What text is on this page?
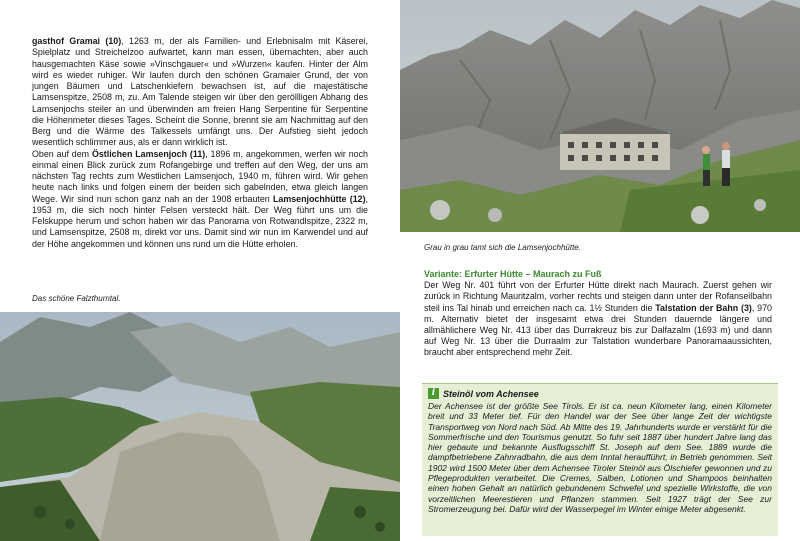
gasthof Gramai (10), 1263 m, der als Familien- und Erlebnisalm mit Käserei, Spielplatz und Streichelzoo aufwartet, kann man essen, übernachten, aber auch hausgemachten Käse sowie »Vinschgauer« und »Wurzen« kaufen. Hinter der Alm wird es wieder ruhiger. Wir laufen durch den schönen Gramaier Grund, der von jungen Bäumen und Latschenkiefern bewachsen ist, auf die majestätische Lamsenspitze, 2508 m, zu. Am Talende steigen wir über den geröllligen Abhang des Lamsenjochs steiler an und überwinden am freien Hang Serpentine für Serpentine die Höhenmeter dieses Tages. Scheint die Sonne, brennt sie am Nachmittag auf den Berg und die Wärme des Talkessels umfängt uns. Der Aufstieg sieht jedoch wesentlich schlimmer aus, als er dann wirklich ist.

Oben auf dem Östlichen Lamsenjoch (11), 1896 m, angekommen, werfen wir noch einmal einen Blick zurück zum Rofangebirge und treffen auf den Weg, der uns am nächsten Tag rechts zum Westlichen Lamsenjoch, 1940 m, führen wird. Wir gehen heute nach links und folgen einem der beiden sich gabelnden, etwa gleich langen Wege. Wir sind nun schon ganz nah an der 1908 erbauten Lamsenjochhütte (12), 1953 m, die sich noch hinter Felsen versteckt hält. Der Weg führt uns um die Felskuppe herum und schon haben wir das Panorama von Rotwandlspitze, 2322 m, und Lamsenspitze, 2508 m, direkt vor uns. Damit sind wir nun im Karwendel und auf der Höhe angekommen und können uns rund um die Hütte erholen.

Das schöne Falzthurntal.
Grau in grau tamt sich die Lamsenjochhütte.
Variante: Erfurter Hütte – Maurach zu Fuß

Der Weg Nr. 401 führt von der Erfurter Hütte direkt nach Maurach. Zuerst gehen wir zurück in Richtung Mauritzalm, vorher rechts und steigen dann unter der Rofanseilbahn steil ins Tal hinab und erreichen nach ca. 1½ Stunden die Talstation der Bahn (3), 970 m. Alternativ bietet der insgesamt etwa drei Stunden dauernde längere und allmählichere Weg Nr. 413 über das Durrakreuz bis zur Dalfazalm (1693 m) und dann auf Weg Nr. 13 über die Durraalm zur Talstation wunderbare Panoramaaussichten, braucht aber entsprechend mehr Zeit.

i Steinöl vom Achensee
Der Achensee ist der größte See Tirols. Er ist ca. neun Kilometer lang, einen Kilometer breit und 33 Meter tief. Für den Handel war der See über lange Zeit der wichtigste Transportweg von Nord nach Süd. Ab Mitte des 19. Jahrhunderts wurde er verstärkt für die Sommerfrische und den Tourismus genutzt. So fuhr seit 1887 über hundert Jahre lang das hier gebaute und bekannte Ausflugsschiff St. Joseph auf dem See. 1889 wurde die dampfbetriebene Zahnradbahn, die aus dem Inntal heraufführt, in Betrieb genommen. Seit 1902 wird 1500 Meter über dem Achensee Tiroler Steinöl aus Ölschiefer gewonnen und zu Pflegeprodukten verarbeitet. Die Cremes, Salben, Lotionen und Shampoos beinhalten einen hohen Gehalt an natürlich gebundenem Schwefel und spezielle Wirkstoffe, die von vorzeitlichen Meerestieren und Pflanzen stammen. Seit 1927 trägt der See zur Stromerzeugung bei. Dafür wird der Wasserpegel im Winter einige Meter abgesenkt.
